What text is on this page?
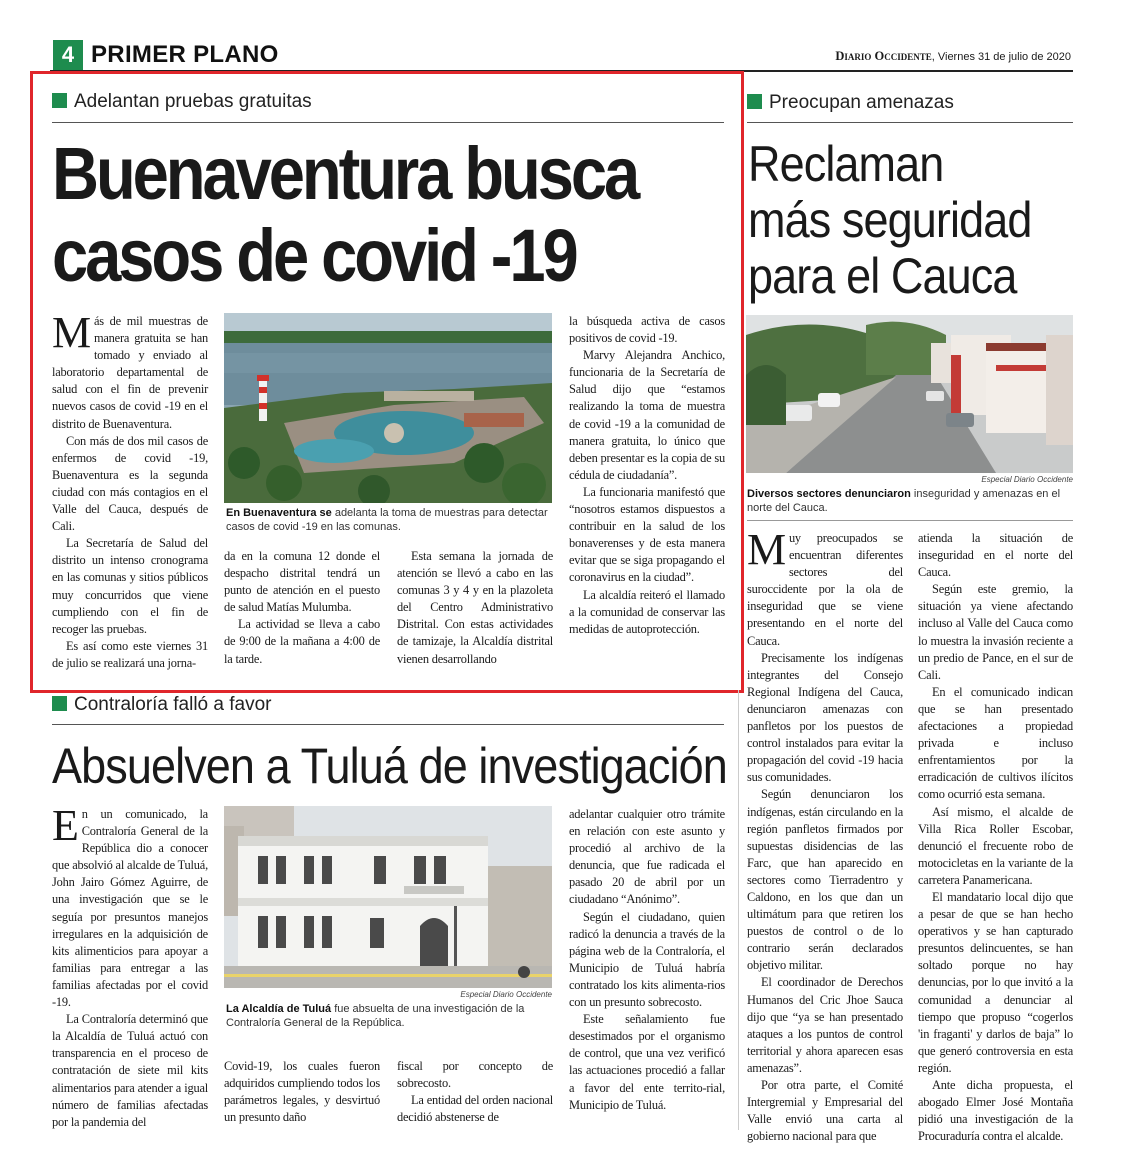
4 PRIMER PLANO	Diario Occidente, Viernes 31 de julio de 2020
Adelantan pruebas gratuitas
Buenaventura busca
casos de covid -19
En Buenaventura se adelanta la toma de muestras para detectar casos de covid -19 en las comunas.

Más de mil muestras de manera gratuita se han tomado y enviado al laboratorio departamental de salud con el fin de prevenir nuevos casos de covid -19 en el distrito de Buenaventura.

Con más de dos mil casos de enfermos de covid -19, Buenaventura es la segunda ciudad con más contagios en el Valle del Cauca, después de Cali.

La Secretaría de Salud del distrito un intenso cronograma en las comunas y sitios públicos muy concurridos que viene cumpliendo con el fin de recoger las pruebas.

Es así como este viernes 31 de julio se realizará una jorna-

da en la comuna 12 donde el despacho distrital tendrá un punto de atención en el puesto de salud Matías Mulumba.

La actividad se lleva a cabo de 9:00 de la mañana a 4:00 de la tarde.

Esta semana la jornada de atención se llevó a cabo en las comunas 3 y 4 y en la plazoleta del Centro Administrativo Distrital. Con estas actividades de tamizaje, la Alcaldía distrital vienen desarrollando

la búsqueda activa de casos positivos de covid -19.

Marvy Alejandra Anchico, funcionaria de la Secretaría de Salud dijo que “estamos realizando la toma de muestra de covid -19 a la comunidad de manera gratuita, lo único que deben presentar es la copia de su cédula de ciudadanía”.

La funcionaria manifestó que “nosotros estamos dispuestos a contribuir en la salud de los bonaverenses y de esta manera evitar que se siga propagando el coronavirus en la ciudad”.

La alcaldía reiteró el llamado a la comunidad de conservar las medidas de autoprotección.

Preocupan amenazas
Reclaman
más seguridad
para el Cauca
Especial Diario Occidente
Diversos sectores denunciaron inseguridad y amenazas en el norte del Cauca.

Muy preocupados se encuentran diferentes sectores del suroccidente por la ola de inseguridad que se viene presentando en el norte del Cauca.

Precisamente los indígenas integrantes del Consejo Regional Indígena del Cauca, denunciaron amenazas con panfletos por los puestos de control instalados para evitar la propagación del covid -19 hacia sus comunidades.

Según denunciaron los indígenas, están circulando en la región panfletos firmados por supuestas disidencias de las Farc, que han aparecido en sectores como Tierradentro y Caldono, en los que dan un ultimátum para que retiren los puestos de control o de lo contrario serán declarados objetivo militar.

El coordinador de Derechos Humanos del Cric Jhoe Sauca dijo que “ya se han presentado ataques a los puntos de control territorial y ahora aparecen esas amenazas”.

Por otra parte, el Comité Intergremial y Empresarial del Valle envió una carta al gobierno nacional para que

atienda la situación de inseguridad en el norte del Cauca.

Según este gremio, la situación ya viene afectando incluso al Valle del Cauca como lo muestra la invasión reciente a un predio de Pance, en el sur de Cali.

En el comunicado indican que se han presentado afectaciones a propiedad privada e incluso enfrentamientos por la erradicación de cultivos ilícitos como ocurrió esta semana.

Así mismo, el alcalde de Villa Rica Roller Escobar, denunció el frecuente robo de motocicletas en la variante de la carretera Panamericana.

El mandatario local dijo que a pesar de que se han hecho operativos y se han capturado presuntos delincuentes, se han soltado porque no hay denuncias, por lo que invitó a la comunidad a denunciar al tiempo que propuso “cogerlos 'in fraganti' y darlos de baja” lo que generó controversia en esta región.

Ante dicha propuesta, el abogado Elmer José Montaña pidió una investigación de la Procuraduría contra el alcalde.

Contraloría falló a favor
Absuelven a Tuluá de investigación
Especial Diario Occidente
La Alcaldía de Tuluá fue absuelta de una investigación de la Contraloría General de la República.

En un comunicado, la Contraloría General de la República dio a conocer que absolvió al alcalde de Tuluá, John Jairo Gómez Aguirre, de una investigación que se le seguía por presuntos manejos irregulares en la adquisición de kits alimenticios para apoyar a familias para entregar a las familias afectadas por el covid -19.

La Contraloría determinó que la Alcaldía de Tuluá actuó con transparencia en el proceso de contratación de siete mil kits alimentarios para atender a igual número de familias afectadas por la pandemia del

Covid-19, los cuales fueron adquiridos cumpliendo todos los parámetros legales, y desvirtuó un presunto daño

fiscal por concepto de sobrecosto.

La entidad del orden nacional decidió abstenerse de

adelantar cualquier otro trámite en relación con este asunto y procedió al archivo de la denuncia, que fue radicada el pasado 20 de abril por un ciudadano “Anónimo”.

Según el ciudadano, quien radicó la denuncia a través de la página web de la Contraloría, el Municipio de Tuluá habría contratado los kits alimenta-rios con un presunto sobrecosto.

Este señalamiento fue desestimados por el organismo de control, que una vez verificó las actuaciones procedió a fallar a favor del ente territo-rial, Municipio de Tuluá.
